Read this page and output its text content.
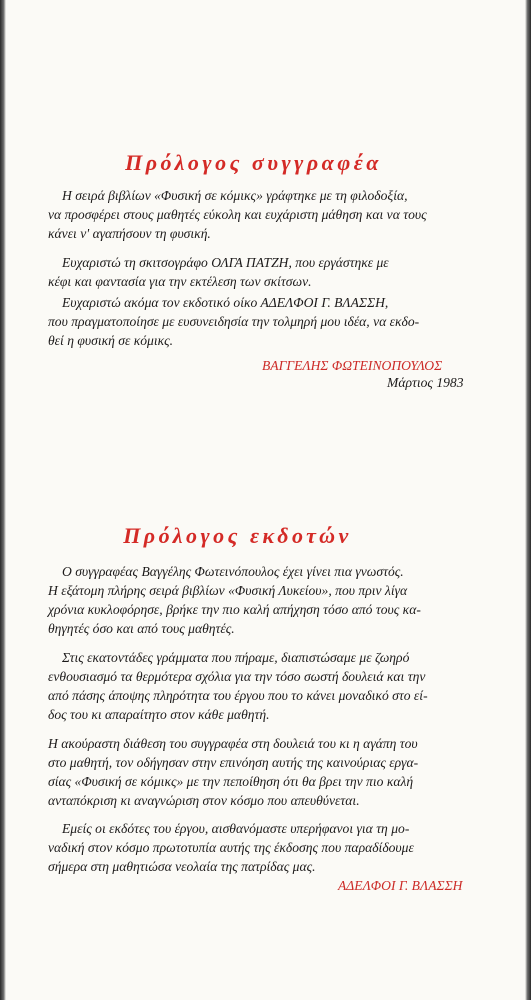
Πρόλογος συγγραφέα

Η σειρά βιβλίων «Φυσική σε κόμικς» γράφτηκε με τη φιλοδοξία,
να προσφέρει στους μαθητές εύκολη και ευχάριστη μάθηση και να τους
κάνει ν' αγαπήσουν τη φυσική.

Ευχαριστώ τη σκιτσογράφο ΟΛΓΑ ΠΑΤΖΗ, που εργάστηκε με
κέφι και φαντασία για την εκτέλεση των σκίτσων.

Ευχαριστώ ακόμα τον εκδοτικό οίκο ΑΔΕΛΦΟΙ Γ. ΒΛΑΣΣΗ,
που πραγματοποίησε με ευσυνειδησία την τολμηρή μου ιδέα, να εκδο-
θεί η φυσική σε κόμικς.

ΒΑΓΓΕΛΗΣ ΦΩΤΕΙΝΟΠΟΥΛΟΣ

Μάρτιος 1983

Πρόλογος εκδοτών

Ο συγγραφέας Βαγγέλης Φωτεινόπουλος έχει γίνει πια γνωστός.
Η εξάτομη πλήρης σειρά βιβλίων «Φυσική Λυκείου», που πριν λίγα
χρόνια κυκλοφόρησε, βρήκε την πιο καλή απήχηση τόσο από τους κα-
θηγητές όσο και από τους μαθητές.

Στις εκατοντάδες γράμματα που πήραμε, διαπιστώσαμε με ζωηρό
ενθουσιασμό τα θερμότερα σχόλια για την τόσο σωστή δουλειά και την
από πάσης άποψης πληρότητα του έργου που το κάνει μοναδικό στο εί-
δος του κι απαραίτητο στον κάθε μαθητή.

Η ακούραστη διάθεση του συγγραφέα στη δουλειά του κι η αγάπη του
στο μαθητή, τον οδήγησαν στην επινόηση αυτής της καινούριας εργα-
σίας «Φυσική σε κόμικς» με την πεποίθηση ότι θα βρει την πιο καλή
ανταπόκριση κι αναγνώριση στον κόσμο που απευθύνεται.

Εμείς οι εκδότες του έργου, αισθανόμαστε υπερήφανοι για τη μο-
ναδική στον κόσμο πρωτοτυπία αυτής της έκδοσης που παραδίδουμε
σήμερα στη μαθητιώσα νεολαία της πατρίδας μας.

ΑΔΕΛΦΟΙ Γ. ΒΛΑΣΣΗ
